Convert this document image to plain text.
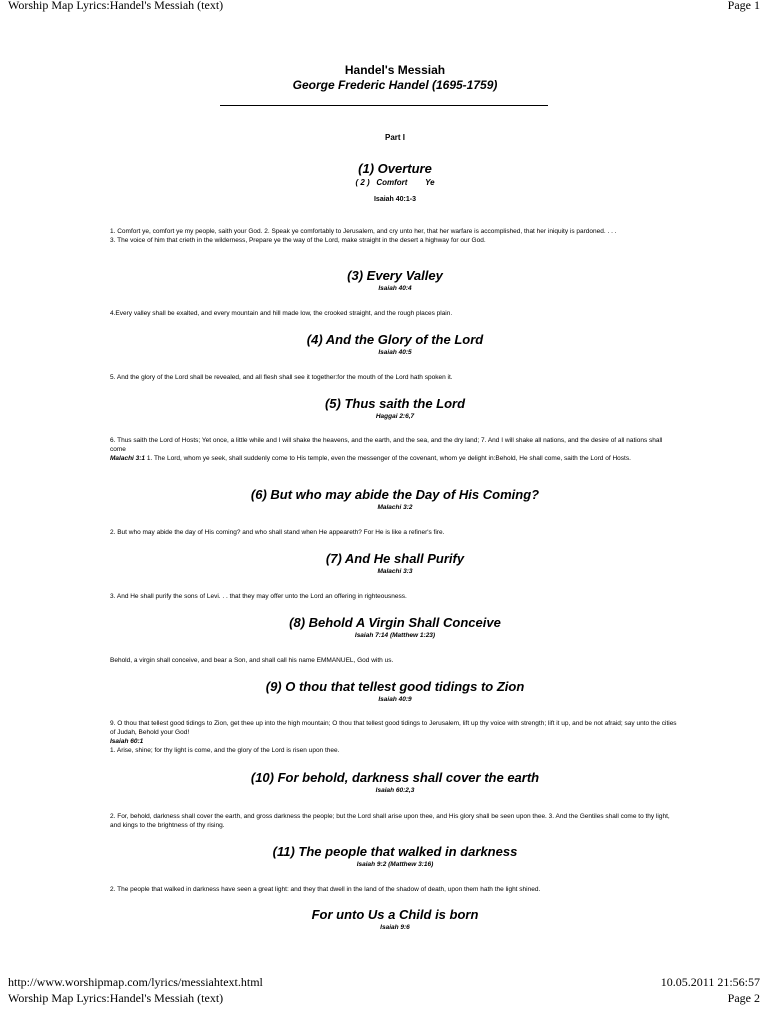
Worship Map Lyrics:Handel's Messiah (text)	Page 1
Handel's Messiah
George Frederic Handel (1695-1759)
Part I
(1) Overture
( 2 )   Comfort        Ye
Isaiah 40:1-3
1. Comfort ye, comfort ye my people, saith your God. 2. Speak ye comfortably to Jerusalem, and cry unto her, that her warfare is accomplished, that her iniquity is pardoned. . . .
3. The voice of him that crieth in the wilderness, Prepare ye the way of the Lord, make straight in the desert a highway for our God.
(3) Every Valley
Isaiah 40:4
4.Every valley shall be exalted, and every mountain and hill made low, the crooked straight, and the rough places plain.
(4) And the Glory of the Lord
Isaiah 40:5
5. And the glory of the Lord shall be revealed, and all flesh shall see it together:for the mouth of the Lord hath spoken it.
(5) Thus saith the Lord
Haggai 2:6,7
6. Thus saith the Lord of Hosts; Yet once, a little while and I will shake the heavens, and the earth, and the sea, and the dry land; 7. And I will shake all nations, and the desire of all nations shall come
Malachi 3:1 1. The Lord, whom ye seek, shall suddenly come to His temple, even the messenger of the covenant, whom ye delight in:Behold, He shall come, saith the Lord of Hosts.
(6) But who may abide the Day of His Coming?
Malachi 3:2
2. But who may abide the day of His coming? and who shall stand when He appeareth? For He is like a refiner's fire.
(7) And He shall Purify
Malachi 3:3
3. And He shall purify the sons of Levi. . . that they may offer unto the Lord an offering in righteousness.
(8) Behold A Virgin Shall Conceive
Isaiah 7:14 (Matthew 1:23)
Behold, a virgin shall conceive, and bear a Son, and shall call his name EMMANUEL, God with us.
(9) O thou that tellest good tidings to Zion
Isaiah 40:9
9. O thou that tellest good tidings to Zion, get thee up into the high mountain; O thou that tellest good tidings to Jerusalem, lift up thy voice with strength; lift it up, and be not afraid; say unto the cities of Judah, Behold your God!
Isaiah 60:1
1. Arise, shine; for thy light is come, and the glory of the Lord is risen upon thee.
(10) For behold, darkness shall cover the earth
Isaiah 60:2,3
2. For, behold, darkness shall cover the earth, and gross darkness the people; but the Lord shall arise upon thee, and His glory shall be seen upon thee. 3. And the Gentiles shall come to thy light, and kings to the brightness of thy rising.
(11) The people that walked in darkness
Isaiah 9:2 (Matthew 3:16)
2. The people that walked in darkness have seen a great light: and they that dwell in the land of the shadow of death, upon them hath the light shined.
For unto Us a Child is born
Isaiah 9:6
http://www.worshipmap.com/lyrics/messiahtext.html	10.05.2011 21:56:57
Worship Map Lyrics:Handel's Messiah (text)	Page 2
